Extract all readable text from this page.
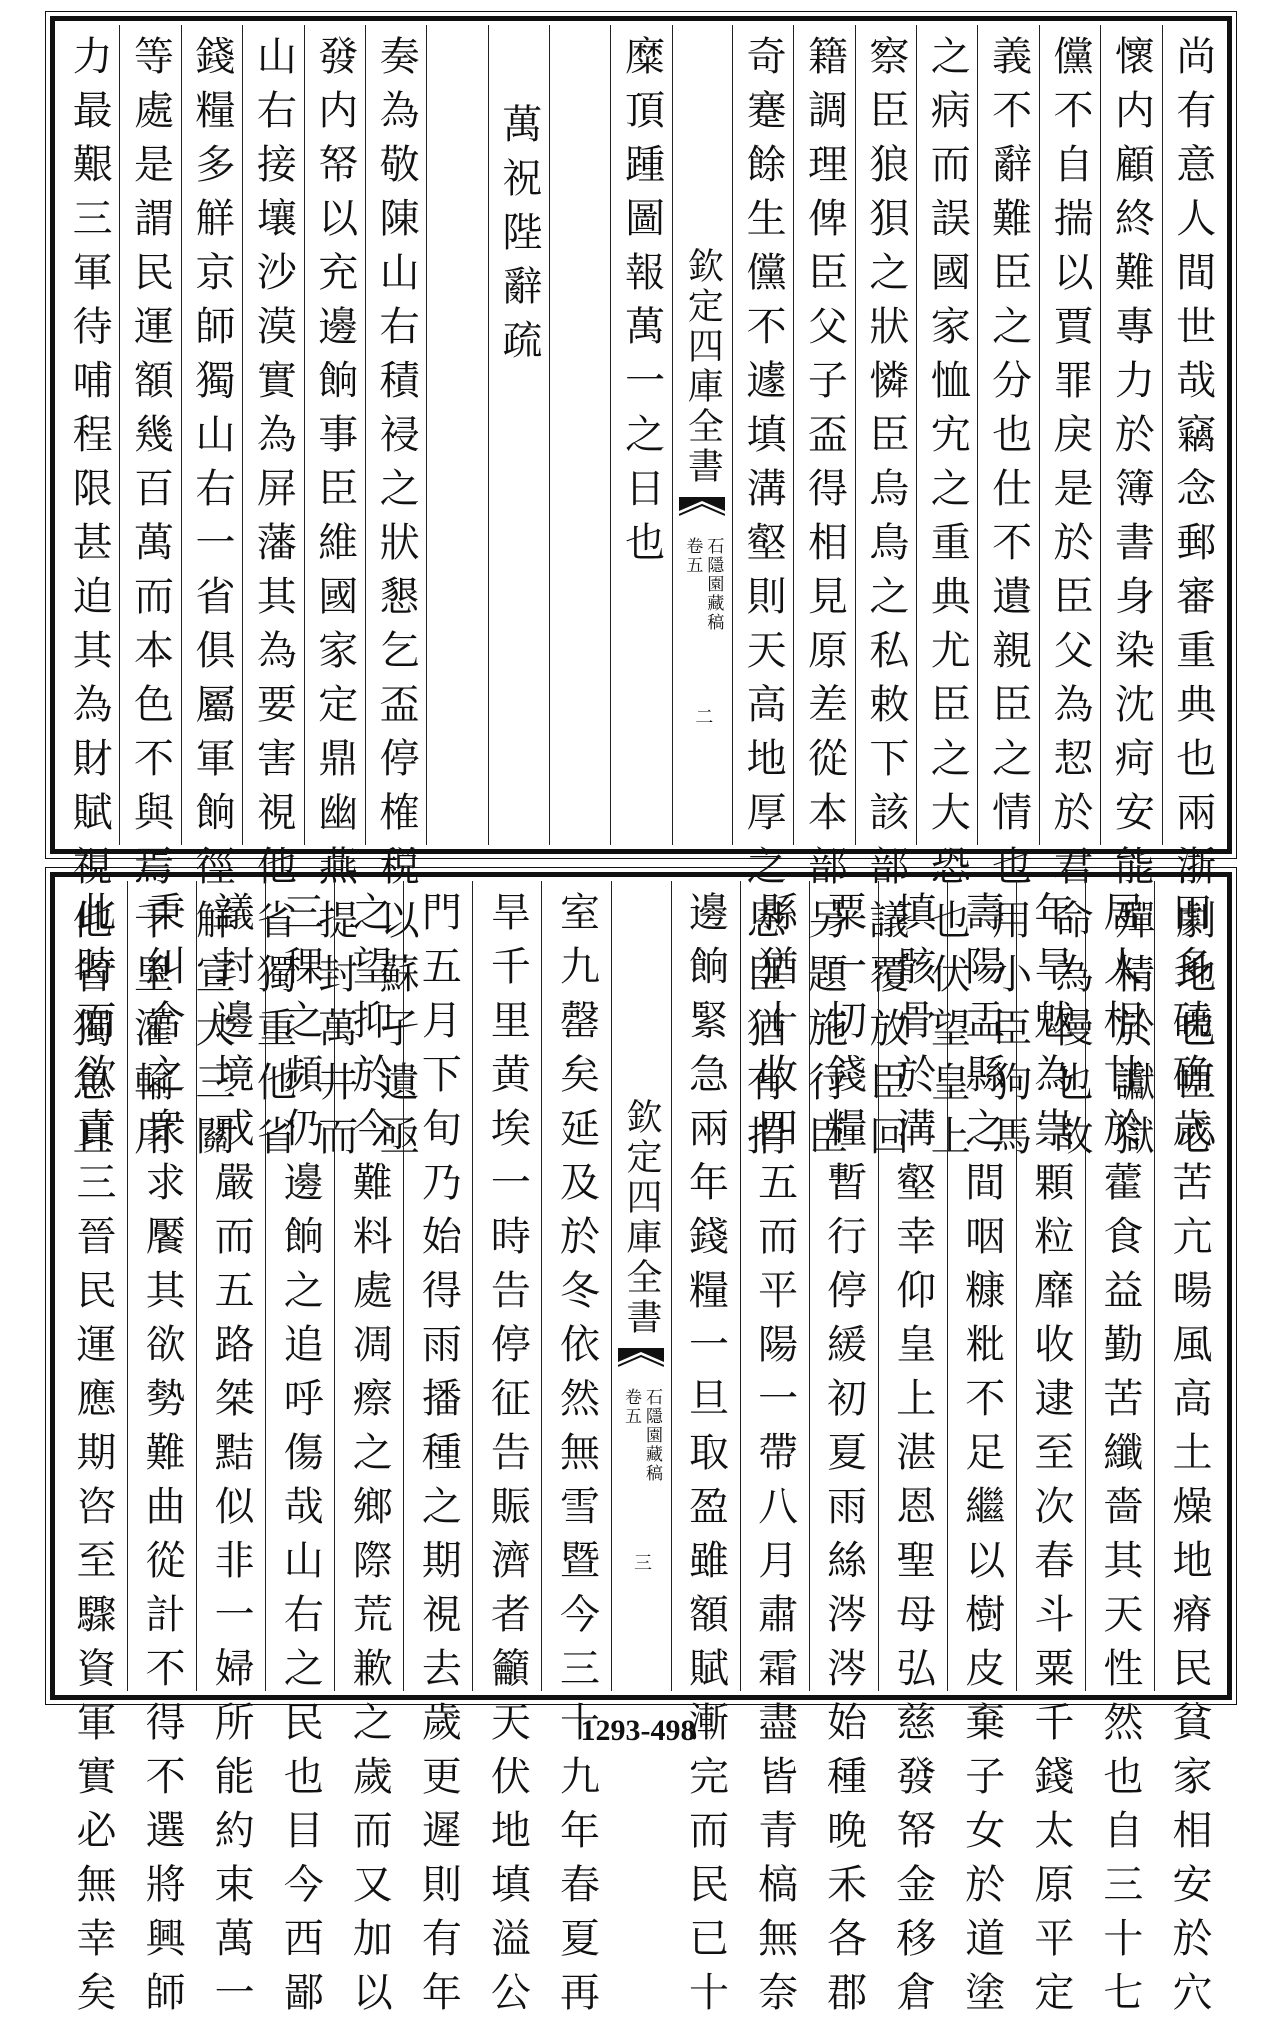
尚有意人間世哉竊念郵審重典也兩浙劇地也臣心
懷内顧終難專力於簿書身染沈疴安能殫精於讞獄
儻不自揣以賈罪戾是於臣父為恝於君命為慢也故
義不辭難臣之分也仕不遺親臣之情也用小臣狗馬
之病而誤國家恤宄之重典尤臣之大恐也伏望皇上
察臣狼狽之狀憐臣烏鳥之私敕下該部議覆放臣回
籍調理俾臣父子盃得相見原差從本部另題施行臣
奇蹇餘生儻不遽填溝壑則天高地厚之恩臣猶有捐
欽定四庫全書
石隱園藏稿
卷五
二
糜頂踵圖報萬一之日也
萬祝陛辭疏
奏為敬陳山右積祲之狀懇乞盃停榷税以蘇孑遺亟
發内帑以充邊餉事臣維國家定鼎幽燕提封萬井而
山右接壤沙漠實為屏藩其為要害視他省獨重他省
錢糧多觧京師獨山右一省俱屬軍餉徑觧宣大三關
等處是謂民運額幾百萬而本色不與焉千里灌輸用
力最艱三軍待哺程限甚迫其為財賦視他省獨急且
田多磽确歲苦亢暘風高土燥地瘠民貧家相安於穴
居人相甘於藿食益勤苦纖嗇其天性然也自三十七
年旱魃為祟顆粒靡收逮至次春斗粟千錢太原平定
壽陽盂縣之間咽糠粃不足繼以樹皮棄子女於道塗
填骸骨於溝壑幸仰皇上湛恩聖母弘慈發帑金移倉
粟一切錢糧暫行停緩初夏雨絲涔涔始種晚禾各郡
縣猶十收四五而平陽一帶八月肅霜盡皆青槁無奈
邊餉緊急兩年錢糧一旦取盈雖額賦漸完而民已十
欽定四庫全書
石隱園藏稿
卷五
三
室九罄矣延及於冬依然無雪暨今三十九年春夏再
旱千里黄埃一時告停征告賑濟者籲天伏地填溢公
門五月下旬乃始得雨播種之期視去歲更遲則有年
之望抑於今難料處凋瘵之鄉際荒歉之歲而又加以
三稞之頻仍邊餉之追呼傷哉山右之民也目今西鄙
議封邊境戒嚴而五路桀黠似非一婦所能約束萬一
秉糾合之衆求饜其欲勢難曲從計不得不選將興師
此時而欲責三晉民運應期咨至驟資軍實必無幸矣	1293-498
